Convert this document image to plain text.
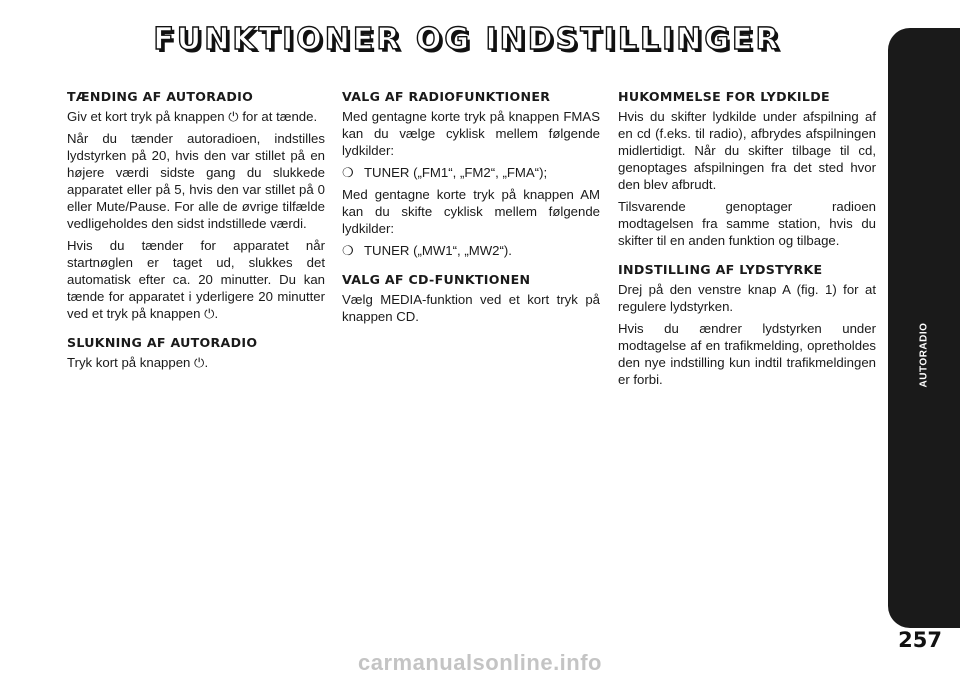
FUNKTIONER OG INDSTILLINGER
AUTORADIO
257
TÆNDING AF AUTORADIO

Giv et kort tryk på knappen ⏻ for at tænde.

Når du tænder autoradioen, indstilles lydstyrken på 20, hvis den var stillet på en højere værdi sidste gang du slukkede apparatet eller på 5, hvis den var stillet på 0 eller Mute/Pause. For alle de øvrige tilfælde vedligeholdes den sidst indstillede værdi.

Hvis du tænder for apparatet når startnøglen er taget ud, slukkes det automatisk efter ca. 20 minutter. Du kan tænde for apparatet i yderligere 20 minutter ved et tryk på knappen ⏻.

SLUKNING AF AUTORADIO

Tryk kort på knappen ⏻.

VALG AF RADIOFUNKTIONER

Med gentagne korte tryk på knappen FMAS kan du vælge cyklisk mellem følgende lydkilder:

❍ TUNER („FM1“, „FM2“, „FMA“);

Med gentagne korte tryk på knappen AM kan du skifte cyklisk mellem følgende lydkilder:

❍ TUNER („MW1“, „MW2“).

VALG AF CD-FUNKTIONEN

Vælg MEDIA-funktion ved et kort tryk på knappen CD.

HUKOMMELSE FOR LYDKILDE

Hvis du skifter lydkilde under afspilning af en cd (f.eks. til radio), afbrydes afspilningen midlertidigt. Når du skifter tilbage til cd, genoptages afspilningen fra det sted hvor den blev afbrudt.

Tilsvarende genoptager radioen modtagelsen fra samme station, hvis du skifter til en anden funktion og tilbage.

INDSTILLING AF LYDSTYRKE

Drej på den venstre knap A (fig. 1) for at regulere lydstyrken.

Hvis du ændrer lydstyrken under modtagelse af en trafikmelding, opretholdes den nye indstilling kun indtil trafikmeldingen er forbi.

carmanualsonline.info
